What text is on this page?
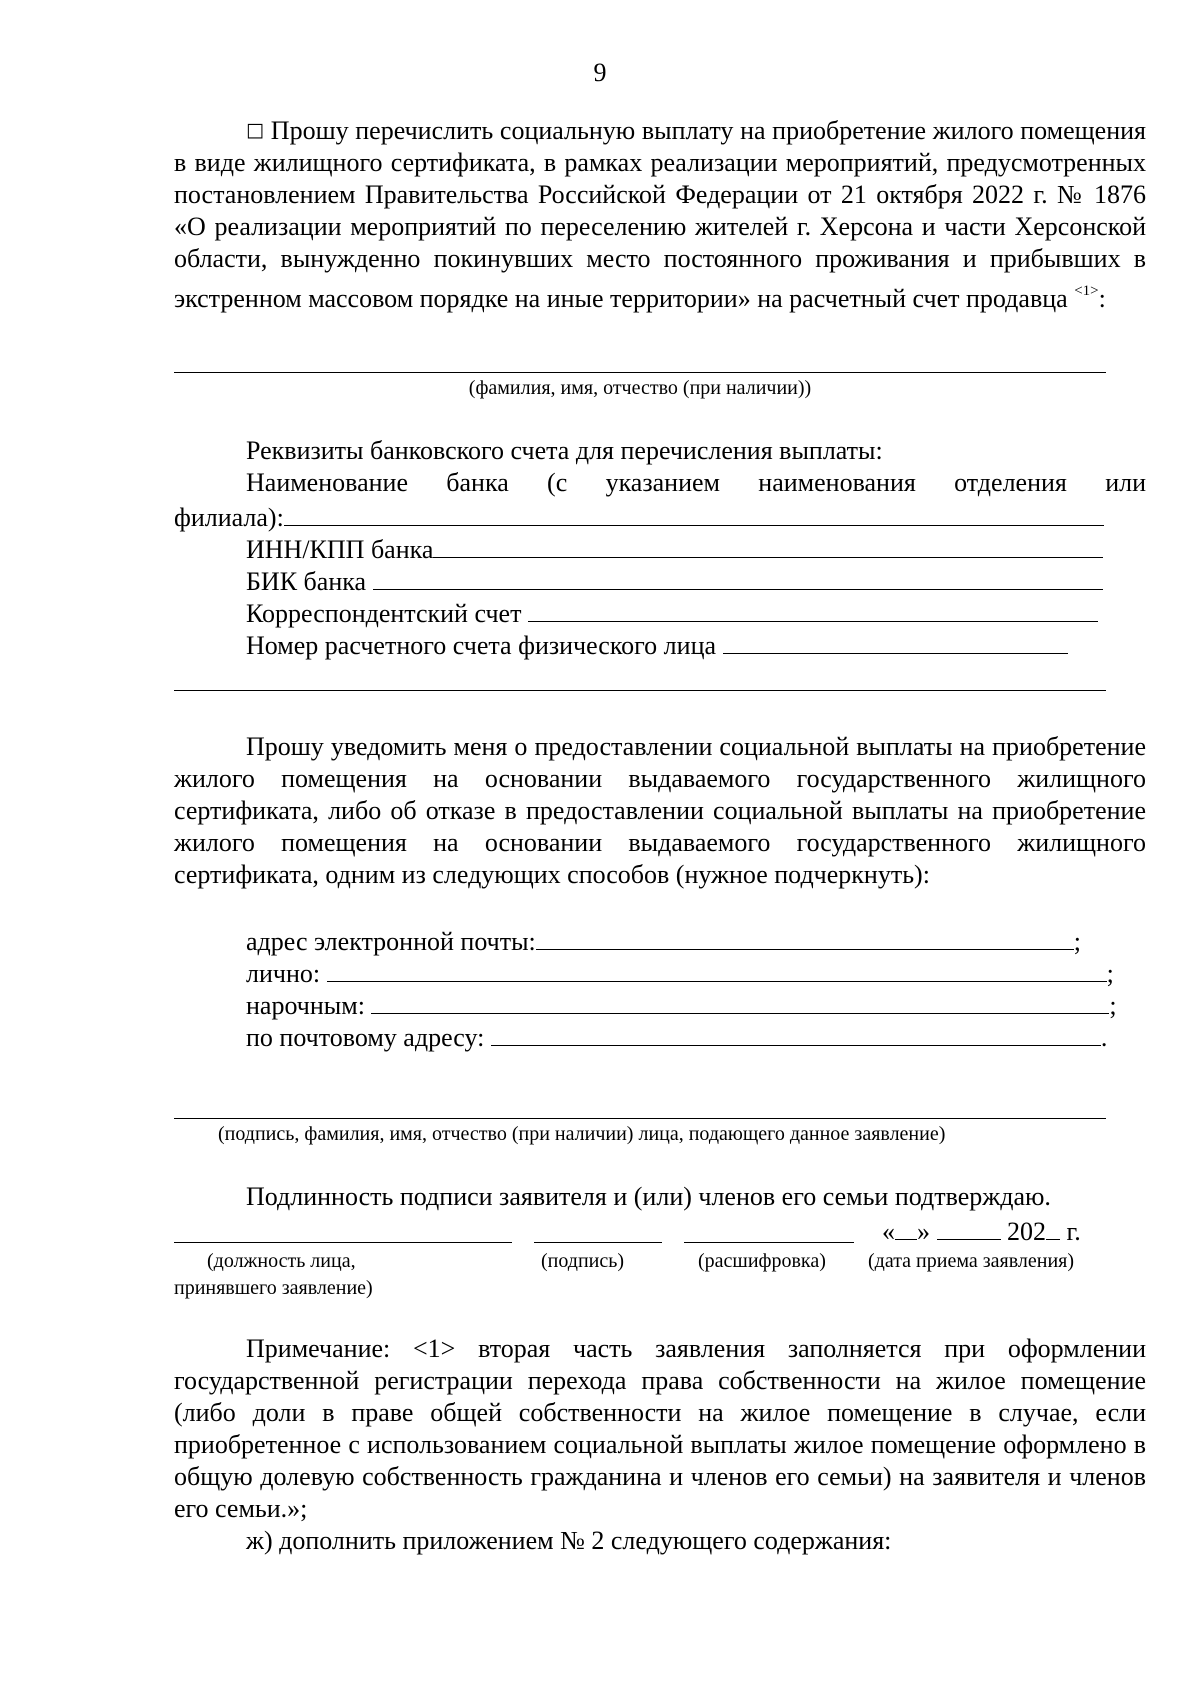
9
□ Прошу перечислить социальную выплату на приобретение жилого помещения в виде жилищного сертификата, в рамках реализации мероприятий, предусмотренных постановлением Правительства Российской Федерации от 21 октября 2022 г. № 1876 «О реализации мероприятий по переселению жителей г. Херсона и части Херсонской области, вынужденно покинувших место постоянного проживания и прибывших в экстренном массовом порядке на иные территории» на расчетный счет продавца $^{<1>}$:
(фамилия, имя, отчество (при наличии))
Реквизиты банковского счета для перечисления выплаты:
Наименование банка (с указанием наименования отделения или
филиала):
ИНН/КПП банка
БИК банка
Корреспондентский счет
Номер расчетного счета физического лица
Прошу уведомить меня о предоставлении социальной выплаты на приобретение жилого помещения на основании выдаваемого государственного жилищного сертификата, либо об отказе в предоставлении социальной выплаты на приобретение жилого помещения на основании выдаваемого государственного жилищного сертификата, одним из следующих способов (нужное подчеркнуть):
адрес электронной почты:	;
лично:	;
нарочным:	;
по почтовому адресу:	.
(подпись, фамилия, имя, отчество (при наличии) лица, подающего данное заявление)
Подлинность подписи заявителя и (или) членов его семьи подтверждаю.
« »	202 г.
(должность лица,
принявшего заявление)
(подпись)	(расшифровка) (дата приема заявления)
Примечание: <1> вторая часть заявления заполняется при оформлении государственной регистрации перехода права собственности на жилое помещение (либо доли в праве общей собственности на жилое помещение в случае, если приобретенное с использованием социальной выплаты жилое помещение оформлено в общую долевую собственность гражданина и членов его семьи) на заявителя и членов его семьи.»;
ж) дополнить приложением № 2 следующего содержания:
